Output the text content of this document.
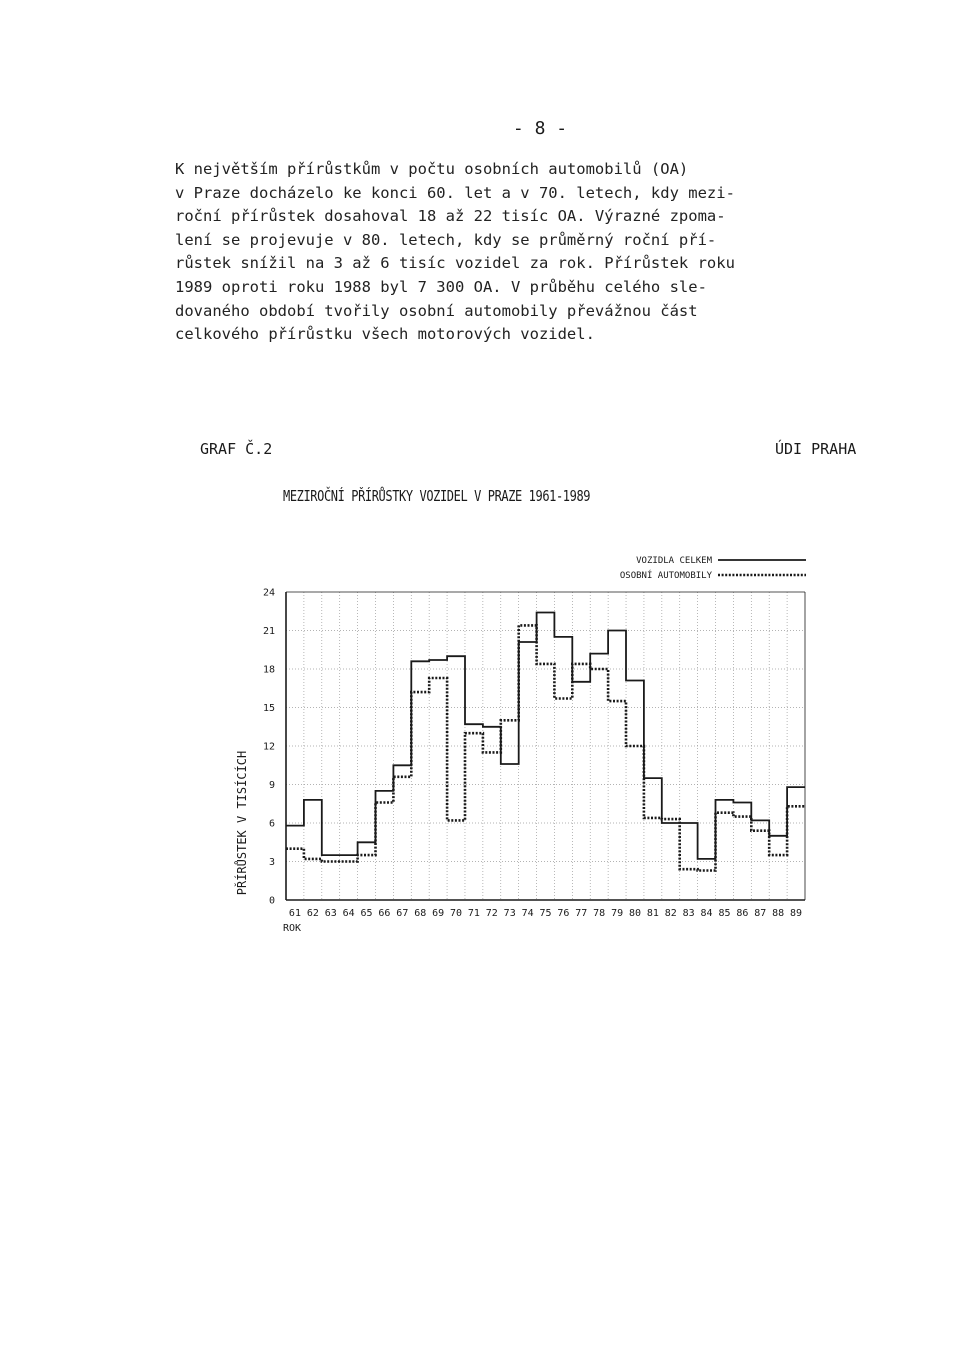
- 8 -

K největším přírůstkům v počtu osobních automobilů (OA)
v Praze docházelo ke konci 60. let a v 70. letech, kdy mezi-
roční přírůstek dosahoval 18 až 22 tisíc OA. Výrazné zpoma-
lení se projevuje v 80. letech, kdy se průměrný roční pří-
růstek snížil na 3 až 6 tisíc vozidel za rok. Přírůstek roku
1989 oproti roku 1988 byl 7 300 OA. V průběhu celého sle-
dovaného období tvořily osobní automobily převážnou část
celkového přírůstku všech motorových vozidel.

GRAF Č.2	ÚDI PRAHA
MEZIROČNÍ PŘÍRŮSTKY VOZIDEL V PRAZE 1961-1989
0
3
6
9
12
15
18
21
24
61 62 63 64 65 66 67 68 69 70 71 72 73 74 75 76 77 78 79 80 81 82 83 84 85 86 87 88 89
VOZIDLA CELKEM
OSOBNÍ AUTOMOBILY
PŘÍRŮSTEK V TISÍCÍCH
ROK
